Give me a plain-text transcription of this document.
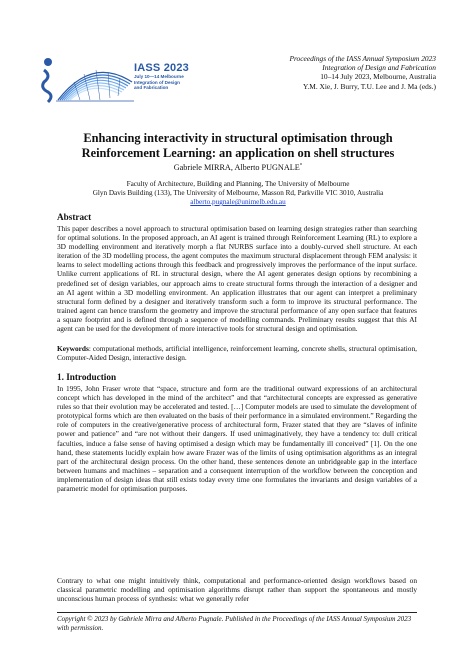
IASS 2023
July 10—14 Melbourne
Integration of Design
and Fabrication
Proceedings of the IASS Annual Symposium 2023
Integration of Design and Fabrication
10–14 July 2023, Melbourne, Australia
Y.M. Xie, J. Burry, T.U. Lee and J. Ma (eds.)
Enhancing interactivity in structural optimisation through
Reinforcement Learning: an application on shell structures
Gabriele MIRRA, Alberto PUGNALE*
Faculty of Architecture, Building and Planning, The University of Melbourne
Glyn Davis Building (133), The University of Melbourne, Masson Rd, Parkville VIC 3010, Australia
alberto.pugnale@unimelb.edu.au
Abstract
This paper describes a novel approach to structural optimisation based on learning design strategies rather than searching for optimal solutions. In the proposed approach, an AI agent is trained through Reinforcement Learning (RL) to explore a 3D modelling environment and iteratively morph a flat NURBS surface into a doubly-curved shell structure. At each iteration of the 3D modelling process, the agent computes the maximum structural displacement through FEM analysis: it learns to select modelling actions through this feedback and progressively improves the performance of the input surface. Unlike current applications of RL in structural design, where the AI agent generates design options by recombining a predefined set of design variables, our approach aims to create structural forms through the interaction of a designer and an AI agent within a 3D modelling environment. An application illustrates that our agent can interpret a preliminary structural form defined by a designer and iteratively transform such a form to improve its structural performance. The trained agent can hence transform the geometry and improve the structural performance of any open surface that features a square footprint and is defined through a sequence of modelling commands. Preliminary results suggest that this AI agent can be used for the development of more interactive tools for structural design and optimisation.
Keywords: computational methods, artificial intelligence, reinforcement learning, concrete shells, structural optimisation, Computer-Aided Design, interactive design.
1. Introduction
In 1995, John Fraser wrote that “space, structure and form are the traditional outward expressions of an architectural concept which has developed in the mind of the architect” and that “architectural concepts are expressed as generative rules so that their evolution may be accelerated and tested. […] Computer models are used to simulate the development of prototypical forms which are then evaluated on the basis of their performance in a simulated environment.” Regarding the role of computers in the creative/generative process of architectural form, Frazer stated that they are “slaves of infinite power and patience” and “are not without their dangers. If used unimaginatively, they have a tendency to: dull critical faculties, induce a false sense of having optimised a design which may be fundamentally ill conceived” [1]. On the one hand, these statements lucidly explain how aware Frazer was of the limits of using optimisation algorithms as an integral part of the architectural design process. On the other hand, these sentences denote an unbridgeable gap in the interface between humans and machines – separation and a consequent interruption of the workflow between the conception and implementation of design ideas that still exists today every time one formulates the invariants and design variables of a parametric model for optimisation purposes.
Contrary to what one might intuitively think, computational and performance-oriented design workflows based on classical parametric modelling and optimisation algorithms disrupt rather than support the spontaneous and mostly unconscious human process of synthesis: what we generally refer
Copyright © 2023 by Gabriele Mirra and Alberto Pugnale. Published in the Proceedings of the IASS Annual Symposium 2023 with permission.
